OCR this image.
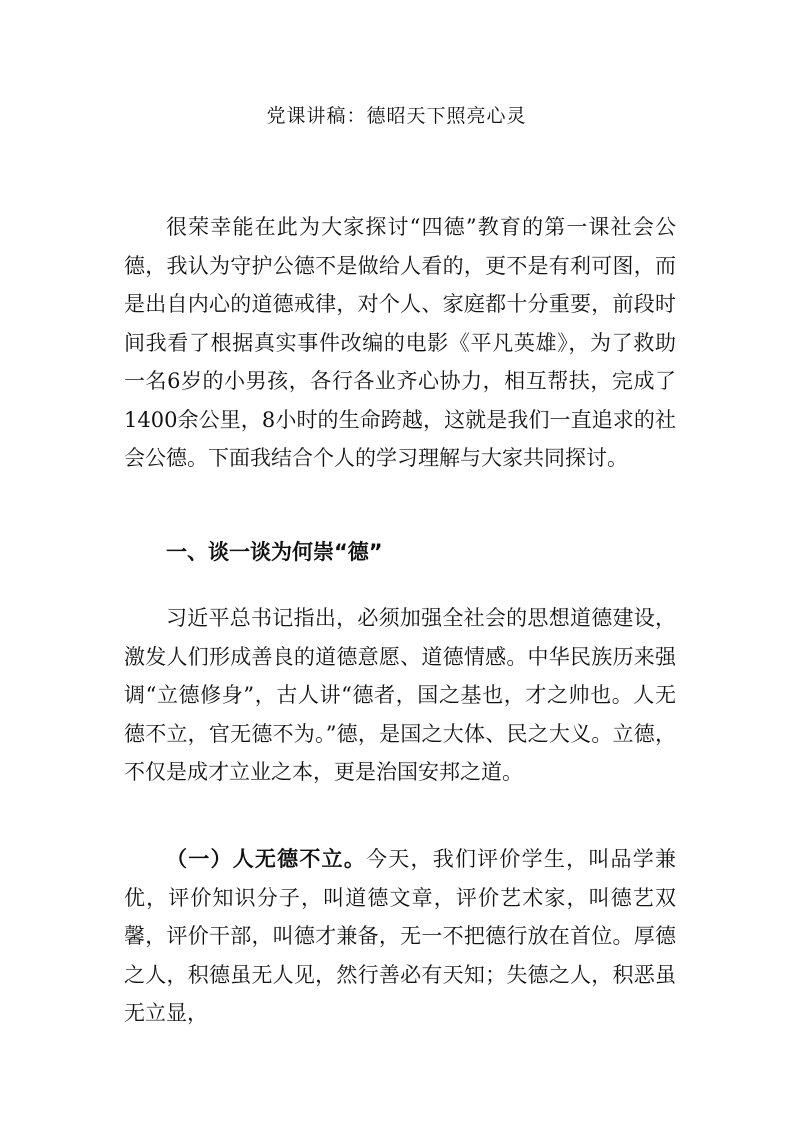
党课讲稿：德昭天下照亮心灵

很荣幸能在此为大家探讨“四德”教育的第一课社会公德，我认为守护公德不是做给人看的，更不是有利可图，而是出自内心的道德戒律，对个人、家庭都十分重要，前段时间我看了根据真实事件改编的电影《平凡英雄》，为了救助一名6岁的小男孩，各行各业齐心协力，相互帮扶，完成了1400余公里，8小时的生命跨越，这就是我们一直追求的社会公德。下面我结合个人的学习理解与大家共同探讨。

一、谈一谈为何崇“德”

习近平总书记指出，必须加强全社会的思想道德建设，激发人们形成善良的道德意愿、道德情感。中华民族历来强调“立德修身”，古人讲“德者，国之基也，才之帅也。人无德不立，官无德不为。”德，是国之大体、民之大义。立德，不仅是成才立业之本，更是治国安邦之道。

（一）人无德不立。今天，我们评价学生，叫品学兼优，评价知识分子，叫道德文章，评价艺术家，叫德艺双馨，评价干部，叫德才兼备，无一不把德行放在首位。厚德之人，积德虽无人见，然行善必有天知；失德之人，积恶虽无立显，
